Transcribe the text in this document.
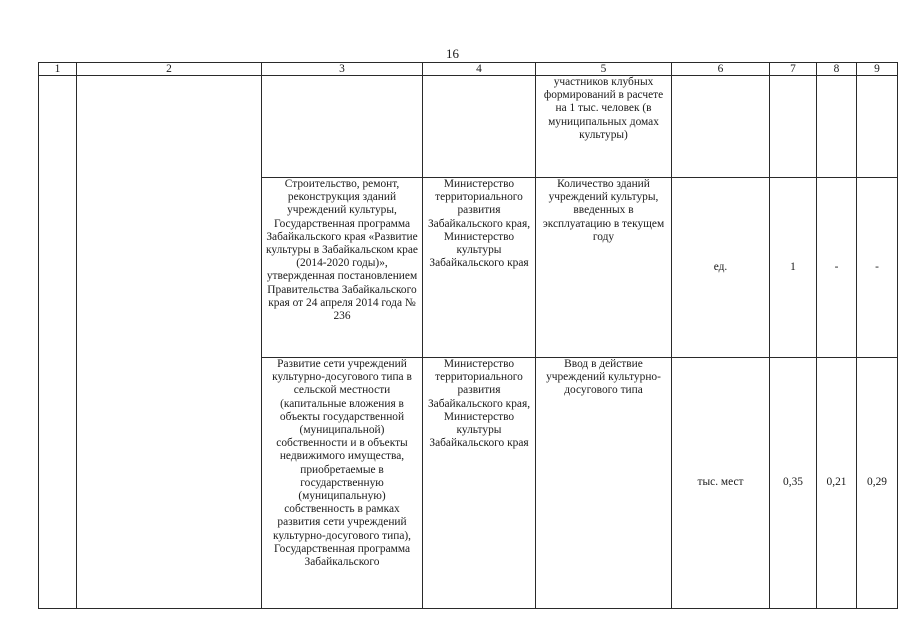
16
1	2	3	4	5	6	7	8	9
				участников клубных формирований в расчете на 1 тыс. человек (в муниципальных домах культуры)				
		Строительство, ремонт, реконструкция зданий учреждений культуры, Государственная программа Забайкальского края «Развитие культуры в Забайкальском крае (2014-2020 годы)», утвержденная постановлением Правительства Забайкальского края от 24 апреля 2014 года № 236	Министерство территориального развития Забайкальского края, Министерство культуры Забайкальского края	Количество зданий учреждений культуры, введенных в эксплуатацию в текущем году	ед.	1	-	-
		Развитие сети учреждений культурно-досугового типа в сельской местности (капитальные вложения в объекты государственной (муниципальной) собственности и в объекты недвижимого имущества, приобретаемые в государственную (муниципальную) собственность в рамках развития сети учреждений культурно-досугового типа), Государственная программа Забайкальского	Министерство территориального развития Забайкальского края, Министерство культуры Забайкальского края	Ввод в действие учреждений культурно-досугового типа	тыс. мест	0,35	0,21	0,29
